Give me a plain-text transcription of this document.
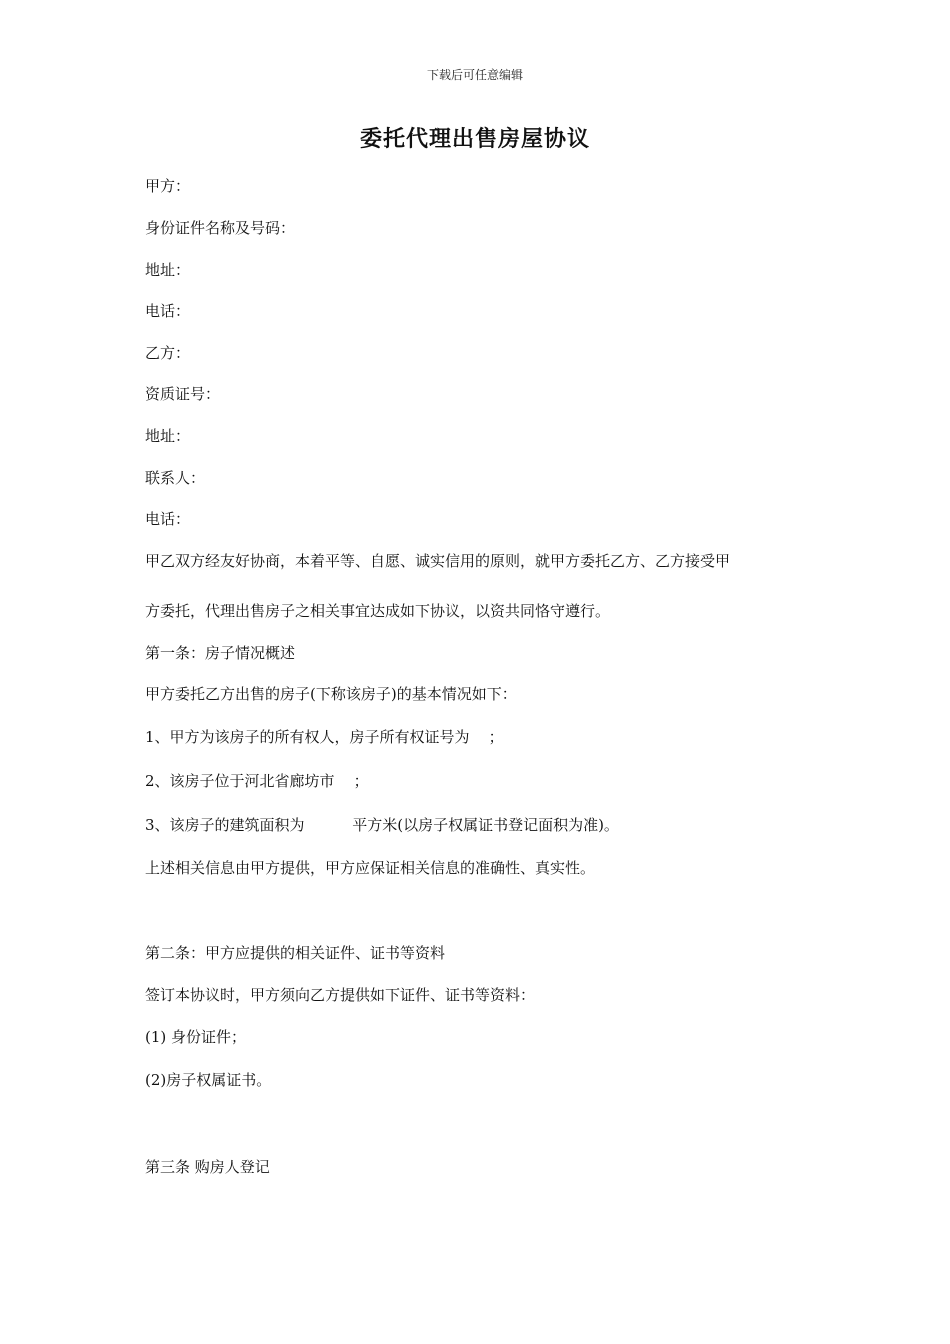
下载后可任意编辑
委托代理出售房屋协议
甲方：
身份证件名称及号码：
地址：
电话：
乙方：
资质证号：
地址：
联系人：
电话：
甲乙双方经友好协商，本着平等、自愿、诚实信用的原则，就甲方委托乙方、乙方接受甲
方委托，代理出售房子之相关事宜达成如下协议，以资共同恪守遵行。
第一条：房子情况概述
甲方委托乙方出售的房子(下称该房子)的基本情况如下：
1、甲方为该房子的所有权人，房子所有权证号为    ；
2、该房子位于河北省廊坊市    ；
3、该房子的建筑面积为          平方米(以房子权属证书登记面积为准)。
上述相关信息由甲方提供，甲方应保证相关信息的准确性、真实性。
第二条：甲方应提供的相关证件、证书等资料
签订本协议时，甲方须向乙方提供如下证件、证书等资料：
(1) 身份证件；
(2)房子权属证书。
第三条 购房人登记
